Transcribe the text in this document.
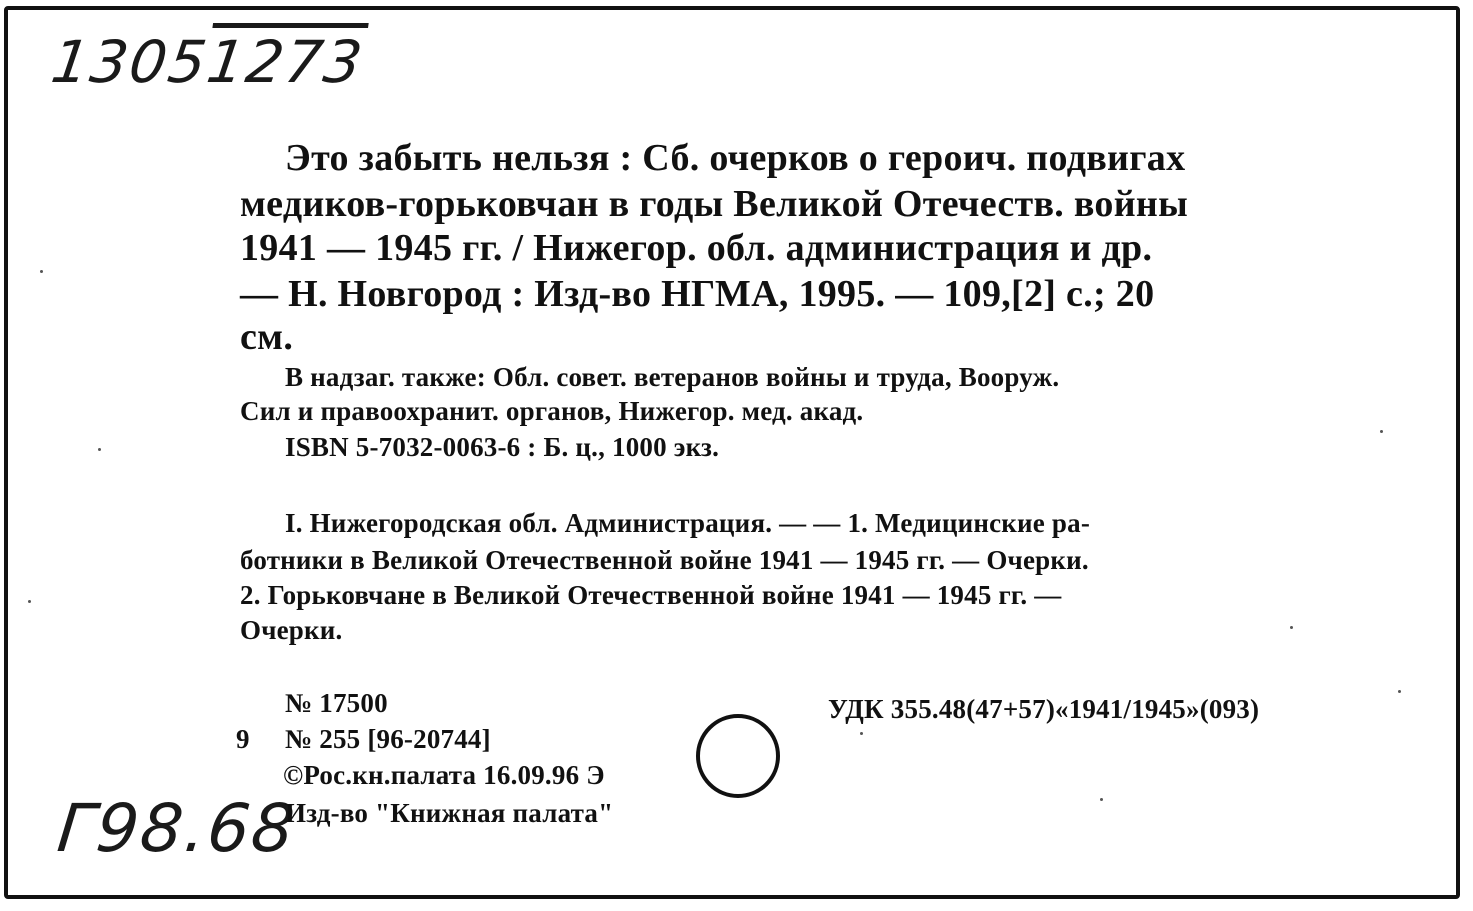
13051273
Г98.68
Это забыть нельзя : Сб. очерков о героич. подвигах
медиков-горьковчан в годы Великой Отечеств. войны
1941 — 1945 гг. / Нижегор. обл. администрация и др.
— Н. Новгород : Изд-во НГМА, 1995. — 109,[2] с.; 20
см.
В надзаг. также: Обл. совет. ветеранов войны и труда, Вооруж.
Сил и правоохранит. органов, Нижегор. мед. акад.
ISBN 5-7032-0063-6 : Б. ц., 1000 экз.
I. Нижегородская обл. Администрация. — — 1. Медицинские ра-
ботники в Великой Отечественной войне 1941 — 1945 гг. — Очерки.
2. Горьковчане в Великой Отечественной войне 1941 — 1945 гг. —
Очерки.
№ 17500	УДК 355.48(47+57)«1941/1945»(093)
9 № 255 [96-20744]
©Рос.кн.палата 16.09.96 Э
Изд-во "Книжная палата"
